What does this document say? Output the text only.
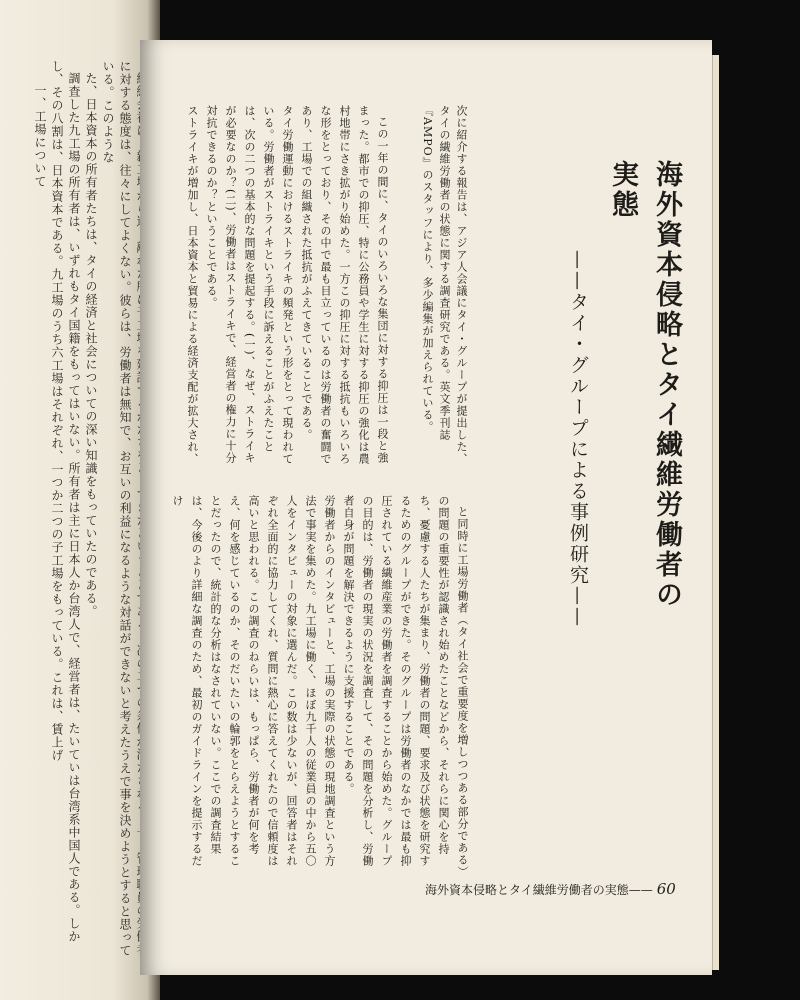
に対する態度は、往々にしてよくない。彼らは、労働者は無知で、お互いの利益になるような対話ができないと考えたうえで事を決めようとすると思っている。このような

た、日本資本の所有者たちは、タイの経済と社会についての深い知識をもっていたのである。

調査した九工場の所有者は、いずれもタイ国籍をもってはいない。所有者は主に日本人か台湾人で、経営者は、たいていは台湾系中国人である。しかし、その八割は、日本資本である。九工場のうち六工場はそれぞれ、一つか二つの子工場をもっている。これは、賃上げ

一、工場について

海外資本侵略とタイ繊維労働者の実態
——タイ・グループによる事例研究——
次に紹介する報告は、アジア人会議にタイ・グループが提出した、タイの繊維労働者の状態に関する調査研究である。英文季刊誌『AMPO』のスタッフにより、多少編集が加えられている。

この一年の間に、タイのいろいろな集団に対する抑圧は一段と強まった。都市での抑圧、特に公務員や学生に対する抑圧の強化は農村地帯にさき拡がり始めた。一方この抑圧に対する抵抗もいろいろな形をとっており、その中で最も目立っているのは労働者の奮闘であり、工場での組織された抵抗がふえてきていることである。
タイ労働運動におけるストライキの頻発という形をとって現われている。労働者がストライキという手段に訴えることがふえたことは、次の二つの基本的な問題を提起する。(一)、なぜ、ストライキが必要なのか？(二)、労働者はストライキで、経営者の権力に十分対抗できるのか？ということである。
ストライキが増加し、日本資本と貿易による経済支配が拡大され、

と同時に工場労働者（タイ社会で重要度を増しつつある部分である）の問題の重要性が認識され始めたことなどから、それらに関心を持ち、憂慮する人たちが集まり、労働者の問題、要求及び状態を研究するためのグループができた。そのグループは労働者のなかでは最も抑圧されている繊維産業の労働者を調査することから始めた。グループの目的は、労働者の現実の状況を調査して、その問題を分析し、労働者自身が問題を解決できるように支援することである。
労働者からのインタビューと、工場の実際の状態の現地調査という方法で事実を集めた。九工場に働く、ほぼ九千人の従業員の中から五〇人をインタビューの対象に選んだ。この数は少ないが、回答者はそれぞれ全面的に協力してくれ、質問に熱心に答えてくれたので信頼度は高いと思われる。この調査のねらいは、もっぱら、労働者が何を考え、何を感じているのか、そのだいたいの輪郭をとらえようとすることだったので、統計的な分析はなされていない。ここでの調査結果は、今後のより詳細な調査のため、最初のガイドラインを提示するだけ

海外資本侵略とタイ繊維労働者の実態—— 60
